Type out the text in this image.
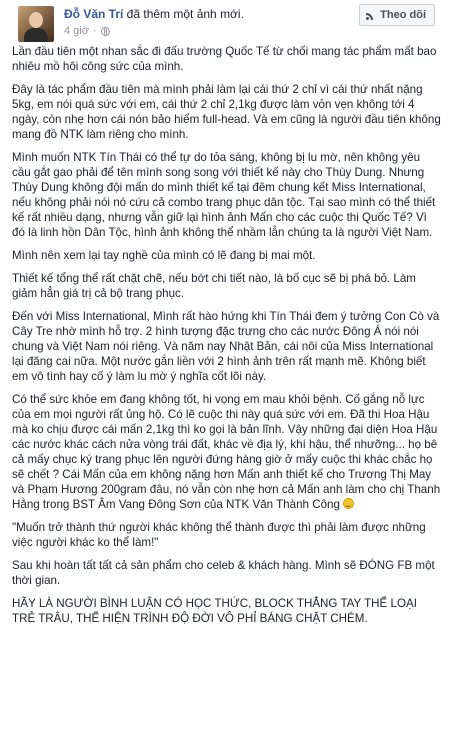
Đỗ Văn Trí đã thêm một ảnh mới.
4 giờ ·
Theo dõi

Lần đầu tiên một nhan sắc đi đấu trường Quốc Tế từ chối mang tác phẩm mất bao nhiêu mồ hôi công sức của mình.

Đây là tác phẩm đầu tiên mà mình phải làm lại cái thứ 2 chỉ vì cái thứ nhất nặng 5kg, em nói quá sức với em, cái thứ 2 chỉ 2,1kg được làm vỏn vẹn không tới 4 ngày, còn nhẹ hơn cái nón bảo hiểm full-head. Và em cũng là người đầu tiên không mang đồ NTK làm riêng cho mình.

Mình muốn NTK Tín Thái có thể tự do tỏa sáng, không bị lu mờ, nên không yêu cầu gắt gao phải để tên mình song song với thiết kế này cho Thùy Dung. Nhưng Thùy Dung không đội mấn do mình thiết kế tại đêm chung kết Miss International, nếu không phải nói nó cứu cả combo trang phục dân tộc. Tại sao mình có thể thiết kế rất nhiều dạng, nhưng vẫn giữ lại hình ảnh Mấn cho các cuộc thi Quốc Tế? Vì đó là linh hồn Dân Tộc, hình ảnh không thể nhầm lẫn chúng ta là người Việt Nam.

Mình nên xem lại tay nghề của mình có lẽ đang bị mai một.

Thiết kế tổng thể rất chặt chẽ, nếu bớt chi tiết nào, là bố cục sẽ bị phá bỏ. Làm giảm hẳn giá trị cả bộ trang phục.

Đến với Miss International, Mình rất hào hứng khi Tín Thái đem ý tưởng Con Cò và Cây Tre nhờ mình hỗ trợ. 2 hình tượng đặc trưng cho các nước Đông Á nói nói chung và Việt Nam nói riêng. Và năm nay Nhật Bản, cái nôi của Miss International lại đăng cai nữa. Một nước gắn liền với 2 hình ảnh trên rất mạnh mẽ. Không biết em vô tình hay cố ý làm lu mờ ý nghĩa cốt lõi này.

Có thể sức khỏe em đang không tốt, hi vọng em mau khỏi bệnh. Cố gắng nỗ lực của em mọi người rất ủng hộ. Có lẽ cuộc thi này quá sức với em. Đã thi Hoa Hậu mà ko chịu được cái mấn 2,1kg thì ko gọi là bản lĩnh. Vậy những đại diện Hoa Hậu các nước khác cách nửa vòng trái đất, khác về địa lý, khí hậu, thể nhưỡng... họ bê cả mấy chục ký trang phục lên người đứng hàng giờ ở mấy cuộc thi khác chắc họ sẽ chết ? Cái Mấn của em không nặng hơn Mấn anh thiết kế cho Trương Thị May và Phạm Hương 200gram đâu, nó vẫn còn nhẹ hơn cả Mấn anh làm cho chị Thanh Hằng trong BST Âm Vang Đông Sơn của NTK Văn Thành Công

"Muốn trở thành thứ người khác không thể thành được thì phải làm được những việc người khác ko thể làm!"

Sau khi hoàn tất tất cả sản phẩm cho celeb & khách hàng. Mình sẽ ĐÓNG FB một thời gian.

HÃY LÀ NGƯỜI BÌNH LUẬN CÓ HỌC THỨC, BLOCK THẲNG TAY THỂ LOẠI TRẺ TRÂU, THỂ HIỆN TRÌNH ĐỘ ĐỜI VÔ PHỈ BÁNG CHẶT CHÉM.
